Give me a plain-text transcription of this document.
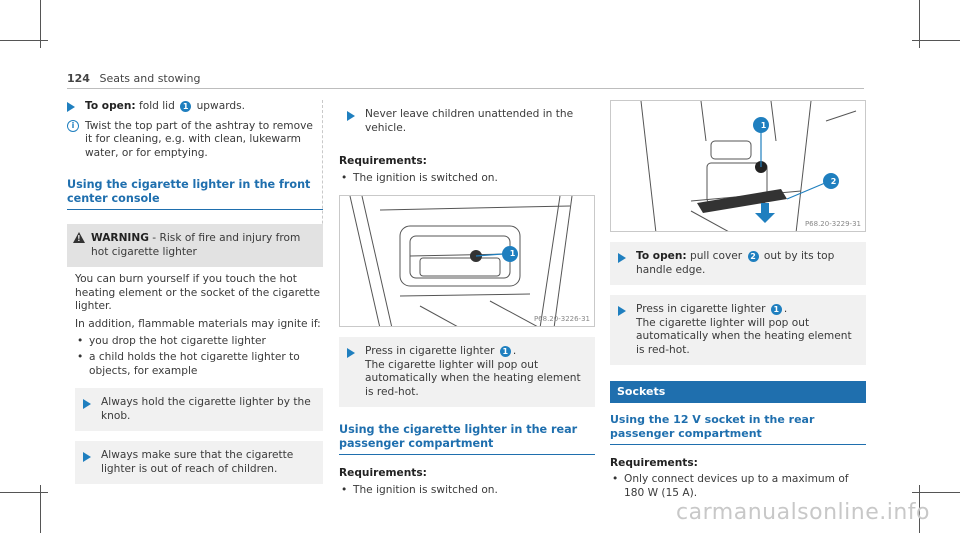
124 Seats and stowing
To open: fold lid 1 upwards.
i	Twist the top part of the ashtray to remove it for cleaning, e.g. with clean, lukewarm water, or for emptying.
Using the cigarette lighter in the front center console
!
WARNING - Risk of fire and injury from hot cigarette lighter

You can burn yourself if you touch the hot heating element or the socket of the cigarette lighter.

In addition, flammable materials may ignite if:

• you drop the hot cigarette lighter
• a child holds the hot cigarette lighter to objects, for example
Always hold the cigarette lighter by the knob.
Always make sure that the cigarette lighter is out of reach of children.
Never leave children unattended in the vehicle.
Requirements:
• The ignition is switched on.
1
P68.20-3226-31
Press in cigarette lighter 1 .
The cigarette lighter will pop out automatically when the heating element is red-hot.
Using the cigarette lighter in the rear passenger compartment
Requirements:
• The ignition is switched on.
1
2
P68.20-3229-31
To open: pull cover 2 out by its top handle edge.
Press in cigarette lighter 1 .
The cigarette lighter will pop out automatically when the heating element is red-hot.
Sockets
Using the 12 V socket in the rear passenger compartment
Requirements:
• Only connect devices up to a maximum of 180 W (15 A).
carmanualsonline.info
